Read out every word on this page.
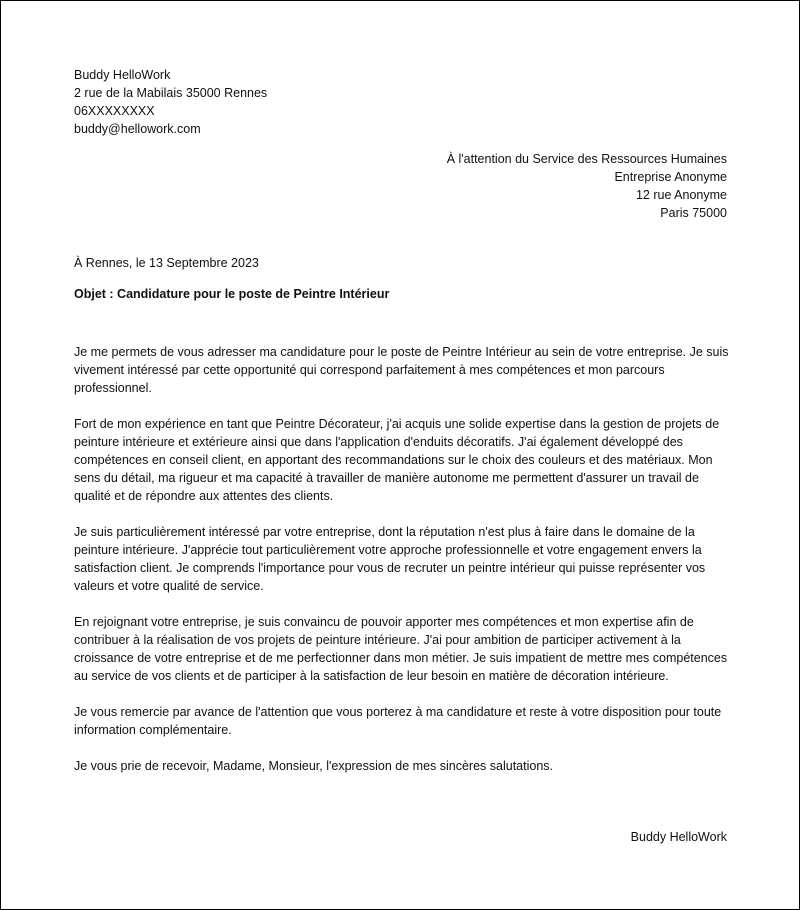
Buddy HelloWork
2 rue de la Mabilais 35000 Rennes
06XXXXXXXX
buddy@hellowork.com
À l'attention du Service des Ressources Humaines
Entreprise Anonyme
12 rue Anonyme
Paris 75000
À Rennes, le 13 Septembre 2023
Objet : Candidature pour le poste de Peintre Intérieur

Je me permets de vous adresser ma candidature pour le poste de Peintre Intérieur au sein de votre entreprise. Je suis vivement intéressé par cette opportunité qui correspond parfaitement à mes compétences et mon parcours professionnel.

Fort de mon expérience en tant que Peintre Décorateur, j'ai acquis une solide expertise dans la gestion de projets de peinture intérieure et extérieure ainsi que dans l'application d'enduits décoratifs. J'ai également développé des compétences en conseil client, en apportant des recommandations sur le choix des couleurs et des matériaux. Mon sens du détail, ma rigueur et ma capacité à travailler de manière autonome me permettent d'assurer un travail de qualité et de répondre aux attentes des clients.

Je suis particulièrement intéressé par votre entreprise, dont la réputation n'est plus à faire dans le domaine de la peinture intérieure. J'apprécie tout particulièrement votre approche professionnelle et votre engagement envers la satisfaction client. Je comprends l'importance pour vous de recruter un peintre intérieur qui puisse représenter vos valeurs et votre qualité de service.

En rejoignant votre entreprise, je suis convaincu de pouvoir apporter mes compétences et mon expertise afin de contribuer à la réalisation de vos projets de peinture intérieure. J'ai pour ambition de participer activement à la croissance de votre entreprise et de me perfectionner dans mon métier. Je suis impatient de mettre mes compétences au service de vos clients et de participer à la satisfaction de leur besoin en matière de décoration intérieure.

Je vous remercie par avance de l'attention que vous porterez à ma candidature et reste à votre disposition pour toute information complémentaire.

Je vous prie de recevoir, Madame, Monsieur, l'expression de mes sincères salutations.

Buddy HelloWork
